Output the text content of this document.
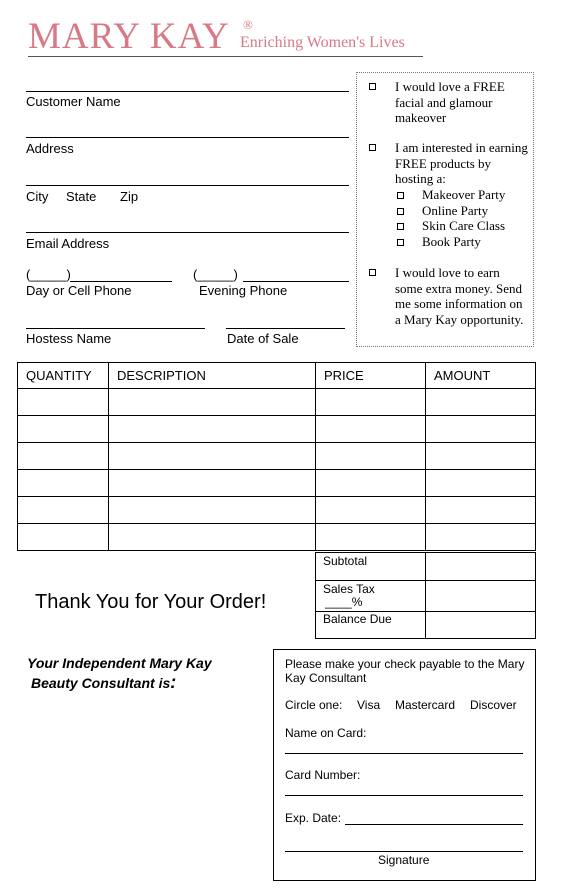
MARY KAY ®
Enriching Women's Lives
Customer Name
Address
City State Zip
Email Address
(_____)
Day or Cell Phone
(_____)
Evening Phone
Hostess Name	Date of Sale
I would love a FREE facial and glamour makeover
I am interested in earning FREE products by hosting a:
Makeover Party
Online Party
Skin Care Class
Book Party
I would love to earn some extra money. Send me some information on a Mary Kay opportunity.
QUANTITY	DESCRIPTION	PRICE	AMOUNT

Subtotal	

Sales Tax
____%	

Balance Due	
Thank You for Your Order!
Your Independent Mary Kay
Beauty Consultant is:
Please make your check payable to the Mary Kay Consultant
Circle one: Visa Mastercard Discover
Name on Card:
Card Number:
Exp. Date:
Signature
